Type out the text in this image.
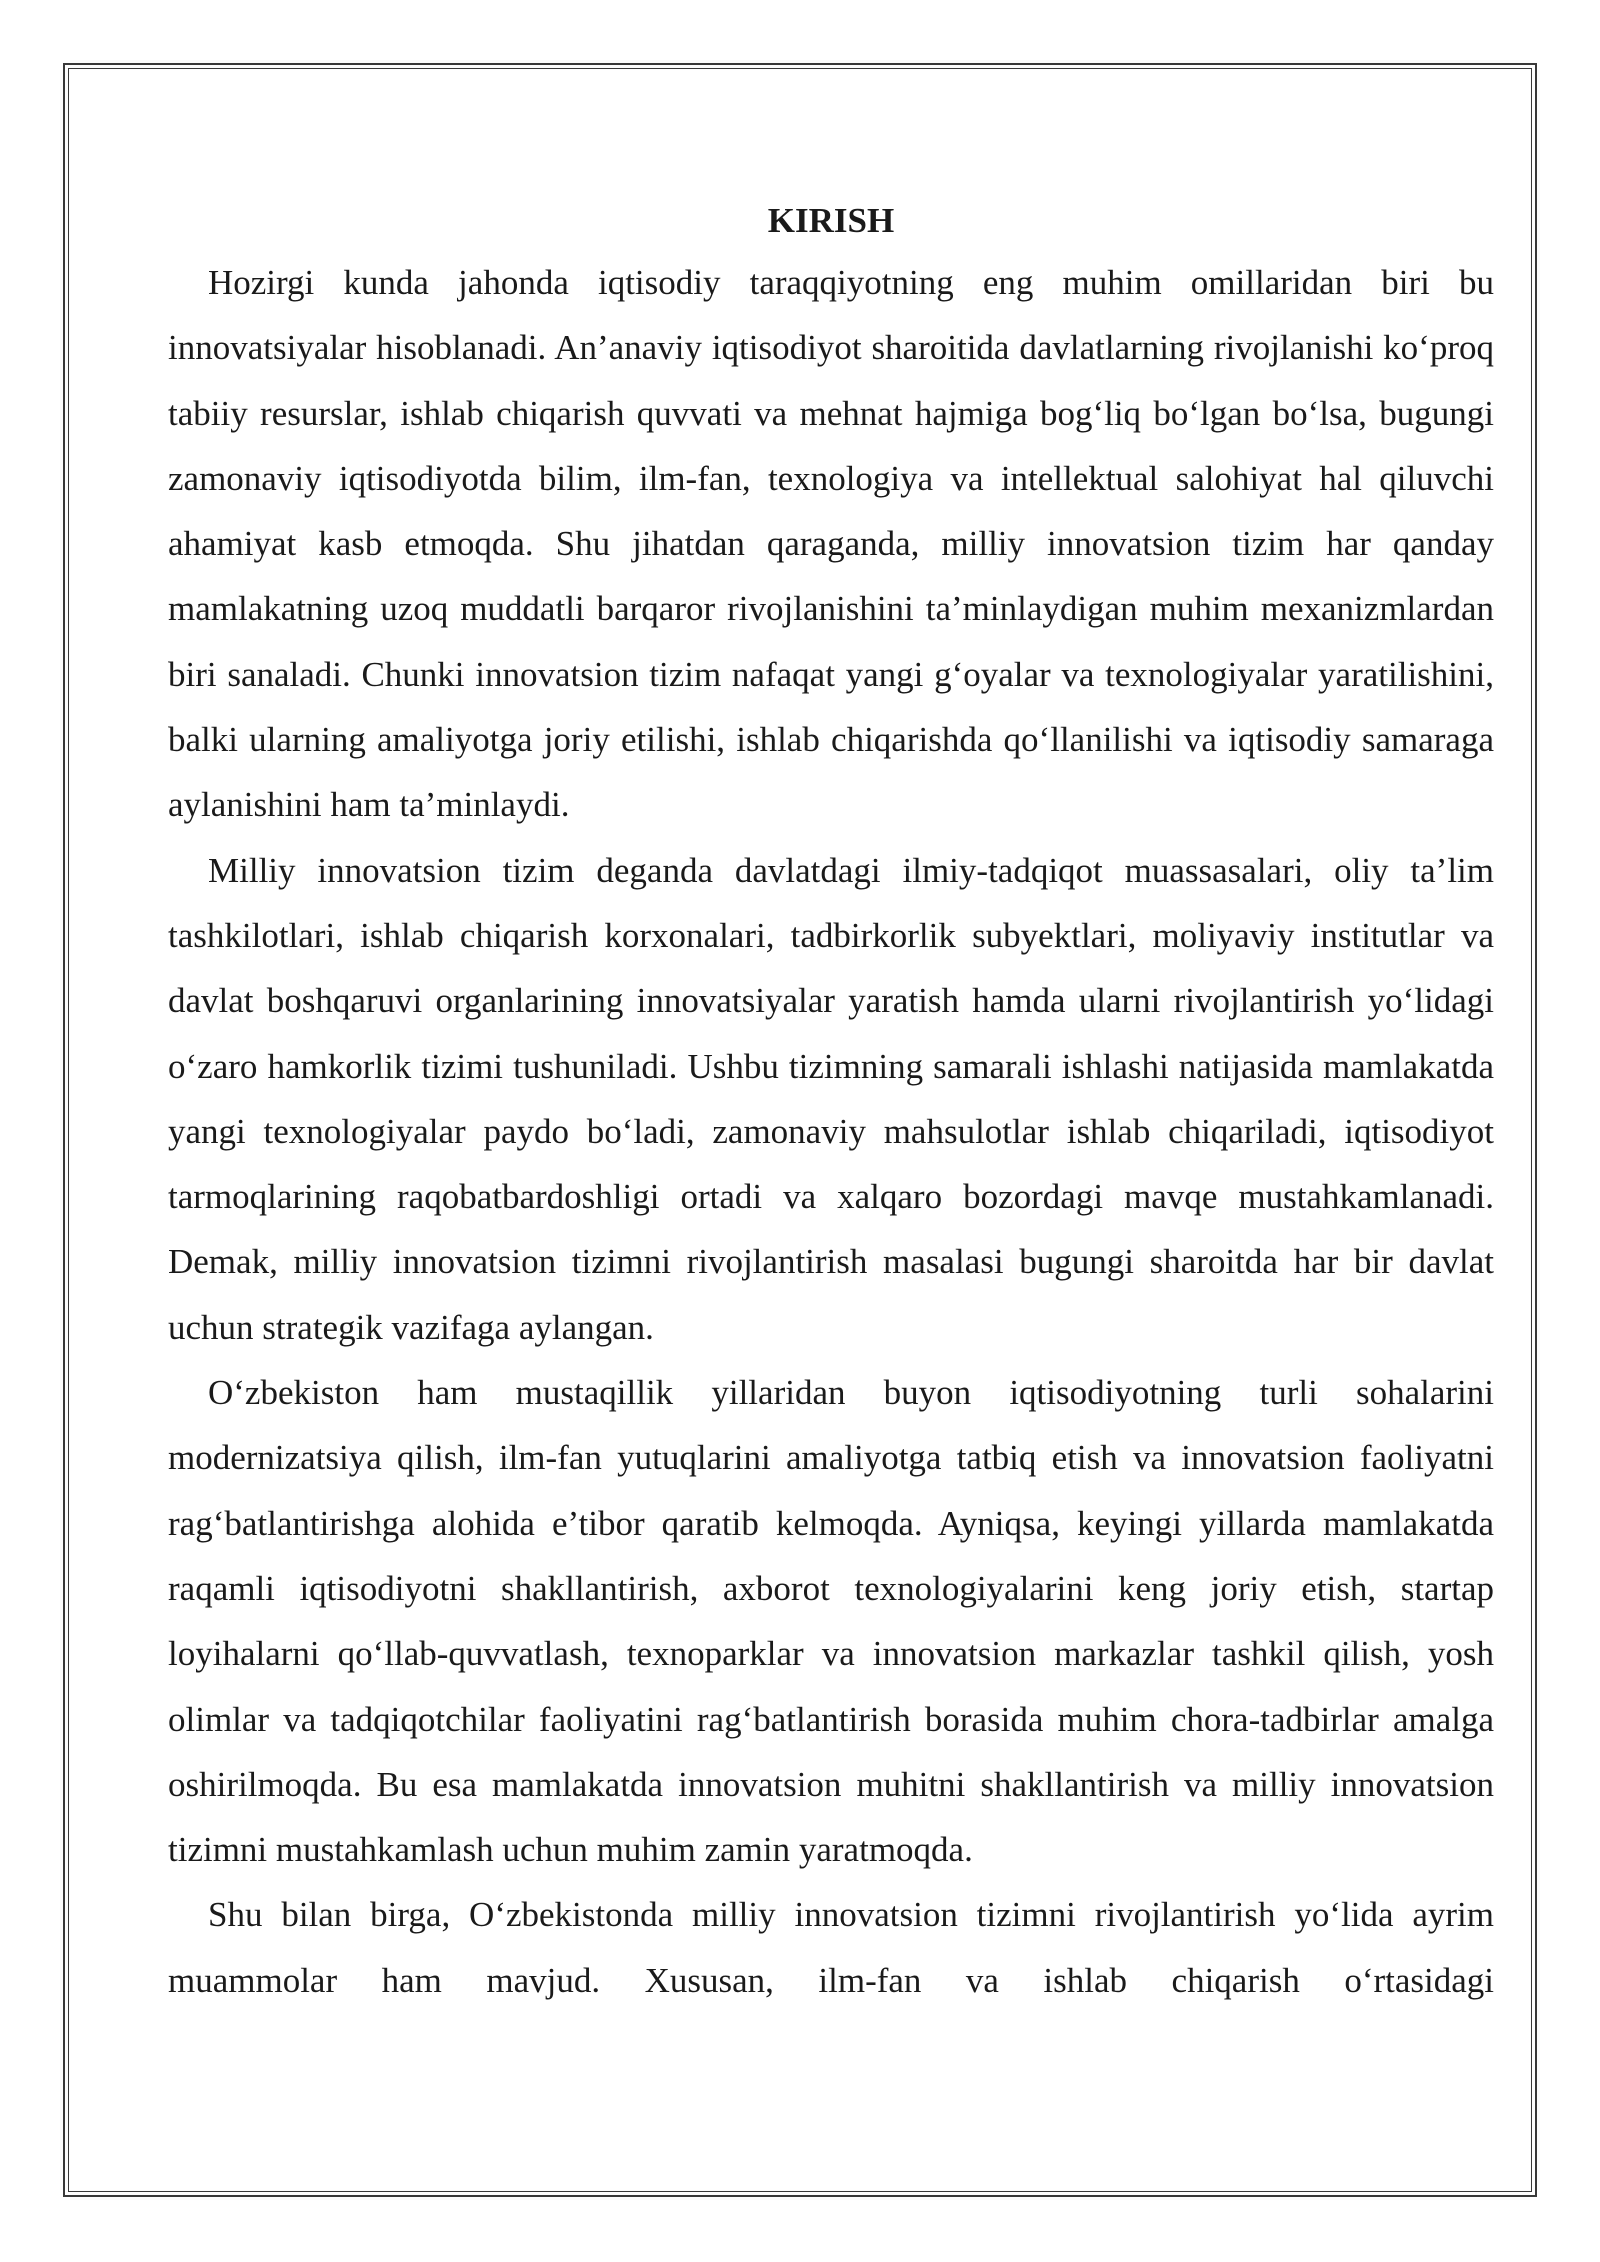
KIRISH

Hozirgi kunda jahonda iqtisodiy taraqqiyotning eng muhim omillaridan biri bu innovatsiyalar hisoblanadi. An’anaviy iqtisodiyot sharoitida davlatlarning rivojlanishi koʻproq tabiiy resurslar, ishlab chiqarish quvvati va mehnat hajmiga bogʻliq boʻlgan boʻlsa, bugungi zamonaviy iqtisodiyotda bilim, ilm-fan, texnologiya va intellektual salohiyat hal qiluvchi ahamiyat kasb etmoqda. Shu jihatdan qaraganda, milliy innovatsion tizim har qanday mamlakatning uzoq muddatli barqaror rivojlanishini ta’minlaydigan muhim mexanizmlardan biri sanaladi. Chunki innovatsion tizim nafaqat yangi gʻoyalar va texnologiyalar yaratilishini, balki ularning amaliyotga joriy etilishi, ishlab chiqarishda qoʻllanilishi va iqtisodiy samaraga aylanishini ham ta’minlaydi.

Milliy innovatsion tizim deganda davlatdagi ilmiy-tadqiqot muassasalari, oliy ta’lim tashkilotlari, ishlab chiqarish korxonalari, tadbirkorlik subyektlari, moliyaviy institutlar va davlat boshqaruvi organlarining innovatsiyalar yaratish hamda ularni rivojlantirish yoʻlidagi oʻzaro hamkorlik tizimi tushuniladi. Ushbu tizimning samarali ishlashi natijasida mamlakatda yangi texnologiyalar paydo boʻladi, zamonaviy mahsulotlar ishlab chiqariladi, iqtisodiyot tarmoqlarining raqobatbardoshligi ortadi va xalqaro bozordagi mavqe mustahkamlanadi. Demak, milliy innovatsion tizimni rivojlantirish masalasi bugungi sharoitda har bir davlat uchun strategik vazifaga aylangan.

Oʻzbekiston ham mustaqillik yillaridan buyon iqtisodiyotning turli sohalarini modernizatsiya qilish, ilm-fan yutuqlarini amaliyotga tatbiq etish va innovatsion faoliyatni ragʻbatlantirishga alohida e’tibor qaratib kelmoqda. Ayniqsa, keyingi yillarda mamlakatda raqamli iqtisodiyotni shakllantirish, axborot texnologiyalarini keng joriy etish, startap loyihalarni qoʻllab-quvvatlash, texnoparklar va innovatsion markazlar tashkil qilish, yosh olimlar va tadqiqotchilar faoliyatini ragʻbatlantirish borasida muhim chora-tadbirlar amalga oshirilmoqda. Bu esa mamlakatda innovatsion muhitni shakllantirish va milliy innovatsion tizimni mustahkamlash uchun muhim zamin yaratmoqda.

Shu bilan birga, Oʻzbekistonda milliy innovatsion tizimni rivojlantirish yoʻlida ayrim muammolar ham mavjud. Xususan, ilm-fan va ishlab chiqarish oʻrtasidagi
